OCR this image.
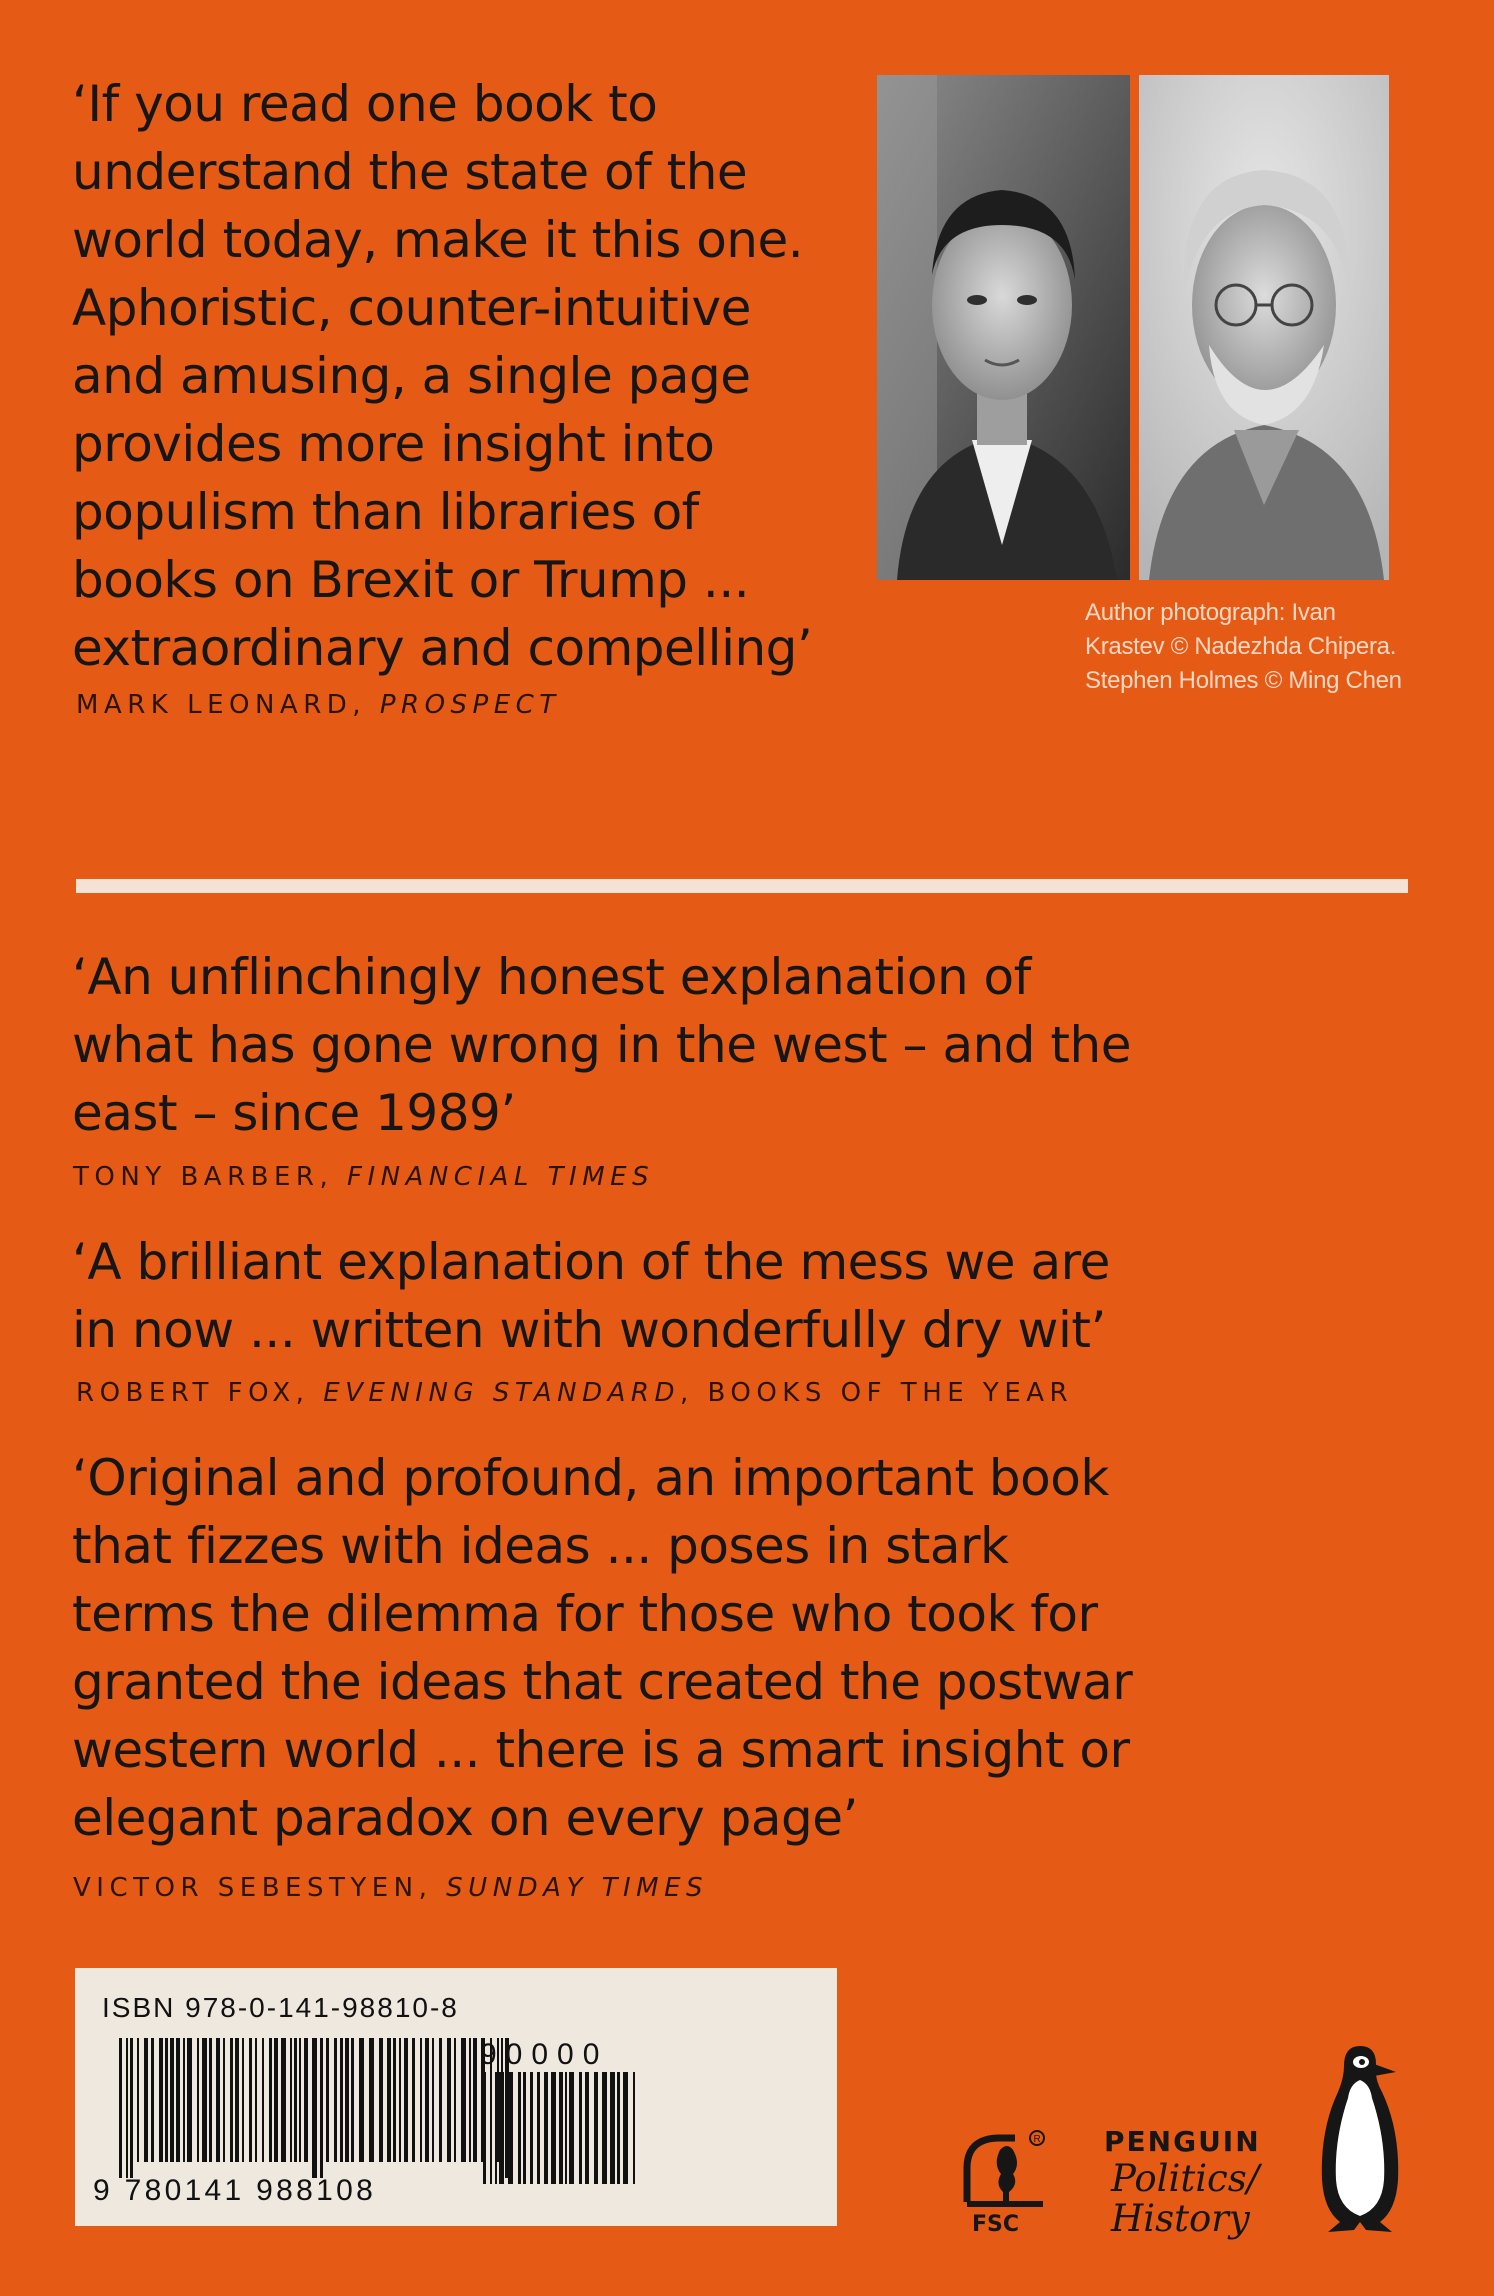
‘If you read one book to
understand the state of the
world today, make it this one.
Aphoristic, counter-intuitive
and amusing, a single page
provides more insight into
populism than libraries of
books on Brexit or Trump ...
extraordinary and compelling’

MARK LEONARD, PROSPECT

Author photograph: Ivan Krastev © Nadezhda Chipera. Stephen Holmes © Ming Chen

‘An unflinchingly honest explanation of
what has gone wrong in the west – and the
east – since 1989’

TONY BARBER, FINANCIAL TIMES

‘A brilliant explanation of the mess we are
in now ... written with wonderfully dry wit’

ROBERT FOX, EVENING STANDARD, BOOKS OF THE YEAR

‘Original and profound, an important book
that fizzes with ideas ... poses in stark
terms the dilemma for those who took for
granted the ideas that created the postwar
western world ... there is a smart insight or
elegant paradox on every page’

VICTOR SEBESTYEN, SUNDAY TIMES

ISBN 978-0-141-98810-8
9 780141 988108
90000
R
FSC
PENGUIN
Politics/
History
